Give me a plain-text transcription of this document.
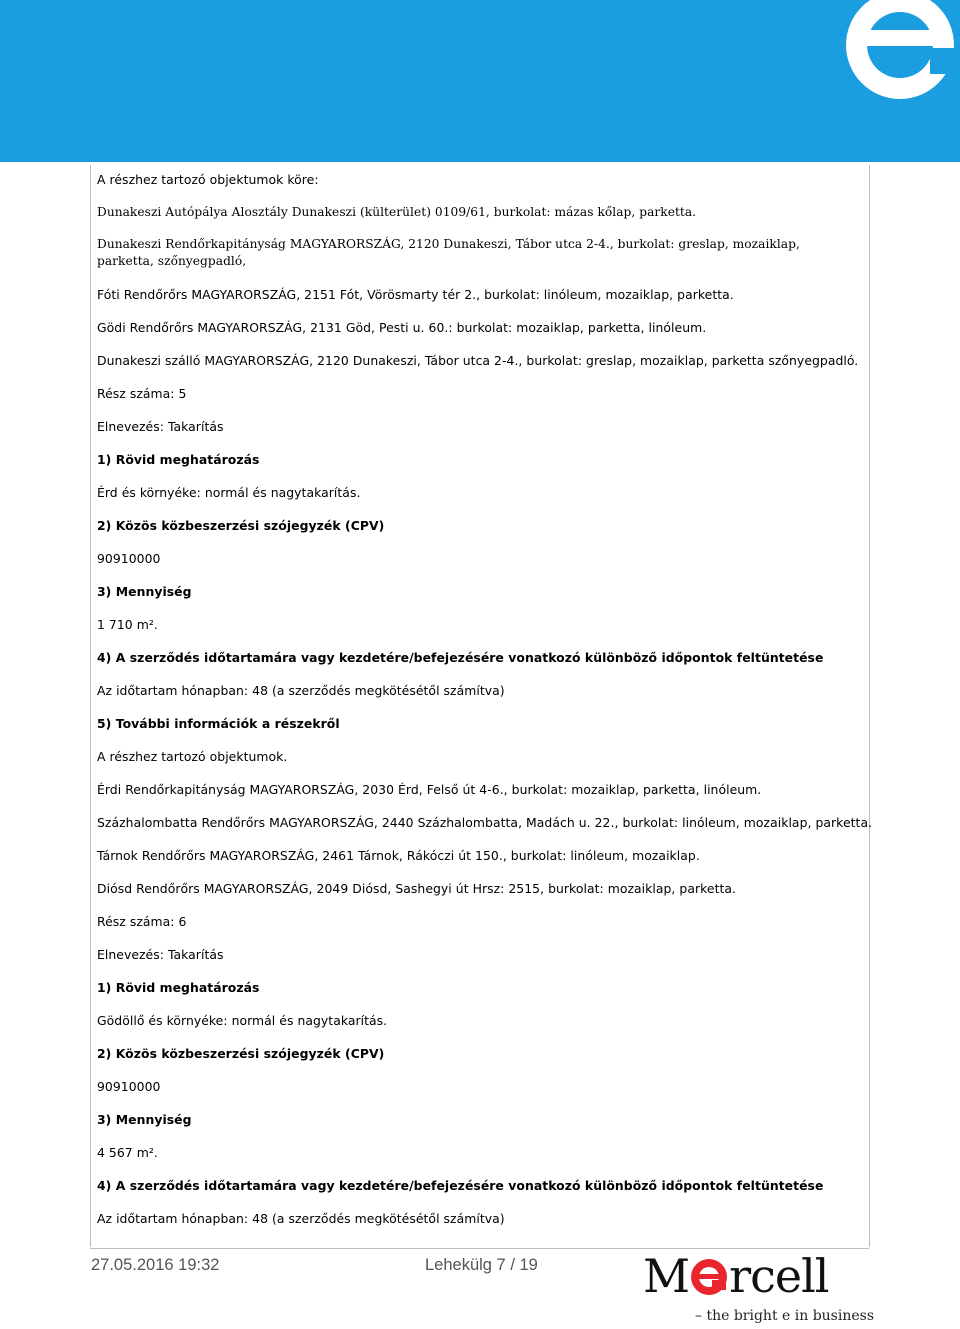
A részhez tartozó objektumok köre:
Dunakeszi Autópálya Alosztály Dunakeszi (külterület) 0109/61, burkolat: mázas kőlap, parketta.
Dunakeszi Rendőrkapitányság MAGYARORSZÁG, 2120 Dunakeszi, Tábor utca 2-4., burkolat: greslap, mozaiklap, parketta, szőnyegpadló,
Fóti Rendőrőrs MAGYARORSZÁG, 2151 Fót, Vörösmarty tér 2., burkolat: linóleum, mozaiklap, parketta.
Gödi Rendőrőrs MAGYARORSZÁG, 2131 Göd, Pesti u. 60.: burkolat: mozaiklap, parketta, linóleum.
Dunakeszi szálló MAGYARORSZÁG, 2120 Dunakeszi, Tábor utca 2-4., burkolat: greslap, mozaiklap, parketta szőnyegpadló.
Rész száma: 5
Elnevezés: Takarítás
1) Rövid meghatározás
Érd és környéke: normál és nagytakarítás.
2) Közös közbeszerzési szójegyzék (CPV)
90910000
3) Mennyiség
1 710 m².
4) A szerződés időtartamára vagy kezdetére/befejezésére vonatkozó különböző időpontok feltüntetése
Az időtartam hónapban: 48 (a szerződés megkötésétől számítva)
5) További információk a részekről
A részhez tartozó objektumok.
Érdi Rendőrkapitányság MAGYARORSZÁG, 2030 Érd, Felső út 4-6., burkolat: mozaiklap, parketta, linóleum.
Százhalombatta Rendőrőrs MAGYARORSZÁG, 2440 Százhalombatta, Madách u. 22., burkolat: linóleum, mozaiklap, parketta.
Tárnok Rendőrőrs MAGYARORSZÁG, 2461 Tárnok, Rákóczi út 150., burkolat: linóleum, mozaiklap.
Diósd Rendőrőrs MAGYARORSZÁG, 2049 Diósd, Sashegyi út Hrsz: 2515, burkolat: mozaiklap, parketta.
Rész száma: 6
Elnevezés: Takarítás
1) Rövid meghatározás
Gödöllő és környéke: normál és nagytakarítás.
2) Közös közbeszerzési szójegyzék (CPV)
90910000
3) Mennyiség
4 567 m².
4) A szerződés időtartamára vagy kezdetére/befejezésére vonatkozó különböző időpontok feltüntetése
Az időtartam hónapban: 48 (a szerződés megkötésétől számítva)
27.05.2016 19:32	Lehekülg 7 / 19 M rcell
– the bright e in business
